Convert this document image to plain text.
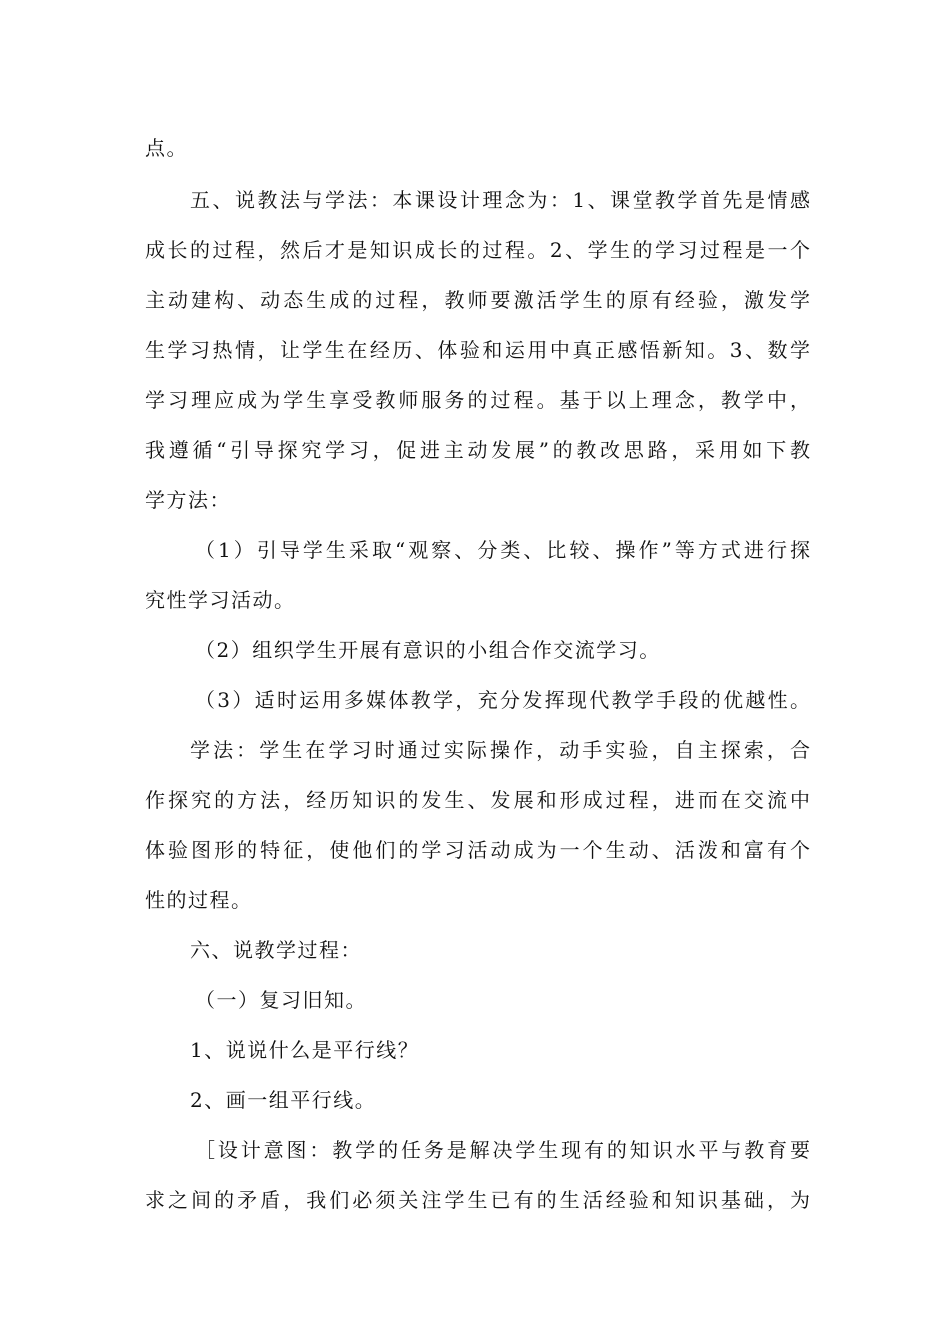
点。
五、说教法与学法：本课设计理念为：1、课堂教学首先是情感
成长的过程，然后才是知识成长的过程。2、学生的学习过程是一个
主动建构、动态生成的过程，教师要激活学生的原有经验，激发学
生学习热情，让学生在经历、体验和运用中真正感悟新知。3、数学
学习理应成为学生享受教师服务的过程。基于以上理念，教学中，
我遵循“引导探究学习，促进主动发展”的教改思路，采用如下教
学方法：
（1）引导学生采取“观察、分类、比较、操作”等方式进行探
究性学习活动。
（2）组织学生开展有意识的小组合作交流学习。
（3）适时运用多媒体教学，充分发挥现代教学手段的优越性。
学法：学生在学习时通过实际操作，动手实验，自主探索，合
作探究的方法，经历知识的发生、发展和形成过程，进而在交流中
体验图形的特征，使他们的学习活动成为一个生动、活泼和富有个
性的过程。
六、说教学过程：
（一）复习旧知。
1、说说什么是平行线？
2、画一组平行线。
［设计意图：教学的任务是解决学生现有的知识水平与教育要
求之间的矛盾，我们必须关注学生已有的生活经验和知识基础，为
